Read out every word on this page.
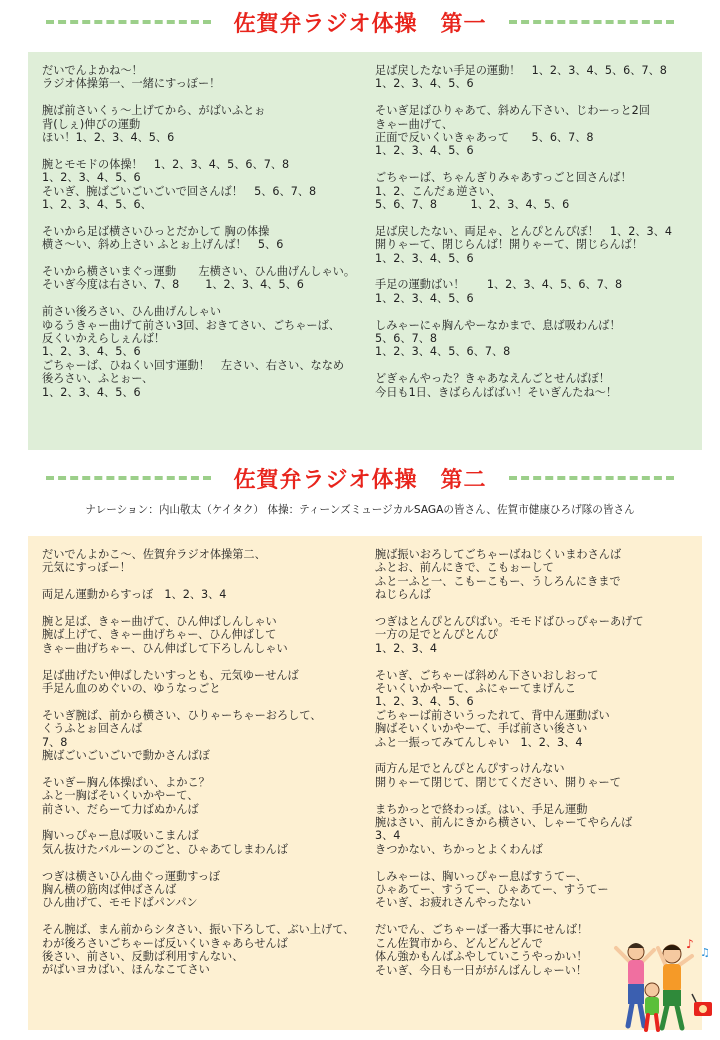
佐賀弁ラジオ体操　第一

だいでんよかね～！
ラジオ体操第一、一緒にすっぼー！

腕ば前さいくぅ～上げてから、がばいふとぉ
背(しぇ)伸びの運動
ほい！1、2、3、4、5、6

腕とモモドの体操！　1、2、3、4、5、6、7、8
1、2、3、4、5、6
そいぎ、腕ばごいごいごいで回さんば！　5、6、7、8
1、2、3、4、5、6、

そいから足ば横さいひっとだかして 胸の体操
横さ～い、斜め上さい ふとぉ上げんば！　5、6

そいから横さいまぐっ運動　　左横さい、ひん曲げんしゃい。
そいぎ今度は右さい、7、8　　 1、2、3、4、5、6

前さい後ろさい、ひん曲げんしゃい
ゆるうきゃー曲げて前さい3回、おきてさい、ごちゃーば、
反くいかえらしぇんば！
1、2、3、4、5、6
ごちゃーば、ひねくい回す運動！　左さい、右さい、ななめ
後ろさい、ふとぉー、
1、2、3、4、5、6

足ば戻したない手足の運動！　1、2、3、4、5、6、7、8
1、2、3、4、5、6

そいぎ足ばひりゃあて、斜めん下さい、じわーっと2回
きゃー曲げて、
正面で反いくいきゃあって　　5、6、7、8
1、2、3、4、5、6

ごちゃーば、ちゃんぎりみゃあすっごと回さんば！
1、2、こんだぁ逆さい、
5、6、7、8　　　1、2、3、4、5、6

足ば戻したない、両足ゃ、とんぴとんぴぼ！　1、2、3、4
開りゃーて、閉じらんば！開りゃーて、閉じらんば！
1、2、3、4、5、6

手足の運動ばい！　　1、2、3、4、5、6、7、8
1、2、3、4、5、6

しみゃーにゃ胸んやーなかまで、息ば吸わんば！
5、6、7、8
1、2、3、4、5、6、7、8

どぎゃんやった？きゃあなえんごとせんばぼ！
今日も1日、きばらんばばい！そいぎんたね～！

佐賀弁ラジオ体操　第二
ナレーション：内山敬太（ケイタク） 体操：ティーンズミュージカルSAGAの皆さん、佐賀市健康ひろげ隊の皆さん

だいでんよかこ～、佐賀弁ラジオ体操第二、
元気にすっぼー！

両足ん運動からすっぼ　1、2、3、4

腕と足ば、きゃー曲げて、ひん伸ばしんしゃい
腕ば上げて、きゃー曲げちゃー、ひん伸ばして
きゃー曲げちゃー、ひん伸ばして下ろしんしゃい

足ば曲げたい伸ばしたいすっとも、元気ゆーせんば
手足ん血のめぐいの、ゆうなっごと

そいぎ腕ば、前から横さい、ひりゃーちゃーおろして、
くうふとぉ回さんば
7、8
腕ばごいごいごいで動かさんばぼ

そいぎー胸ん体操ばい、よかこ？
ふと一胸ばそいくいかやーて、
前さい、だらーて力ばぬかんば

胸いっぴゃー息ば吸いこまんば
気ん抜けたバルーンのごと、ひゃあてしまわんば

つぎは横さいひん曲ぐっ運動すっぼ
胸ん横の筋肉ば伸ばさんば
ひん曲げて、モモドばパンパン

そん腕ば、まん前からシタさい、振い下ろして、ぶい上げて、
わが後ろさいごちゃーば反いくいきゃあらせんば
後さい、前さい、反動ば利用すんない、
がばいヨカばい、ほんなこてさい

腕ば振いおろしてごちゃーばねじくいまわさんば
ふとお、前んにきで、こもぉーして
ふと一ふと一、こもーこもー、うしろんにきまで
ねじらんば

つぎはとんぴとんぴばい。モモドばひっぴゃーあげて
一方の足でとんぴとんぴ
1、2、3、4

そいぎ、ごちゃーば斜めん下さいおしおって
そいくいかやーて、ふにゃーてまげんこ
1、2、3、4、5、6
ごちゃーば前さいうったれて、背中ん運動ばい
胸ばそいくいかやーて、手ば前さい後さい
ふと一振ってみてんしゃい　1、2、3、4

両方ん足でとんぴとんぴすっけんない
開りゃーて閉じて、閉じてください、開りゃーて

まちかっとで終わっぼ。はい、手足ん運動
腕はさい、前んにきから横さい、しゃーてやらんば
3、4
きつかない、ちかっとよくわんば

しみゃーは、胸いっぴゃー息ばすうてー、
ひゃあてー、すうてー、ひゃあてー、すうてー
そいぎ、お疲れさんやったない

だいでん、ごちゃーば一番大事にせんば！
こん佐賀市から、どんどんどんで
体ん強かもんばふやしていこうやっかい！
そいぎ、今日も一日ががんばんしゃーい！

♪
♫
